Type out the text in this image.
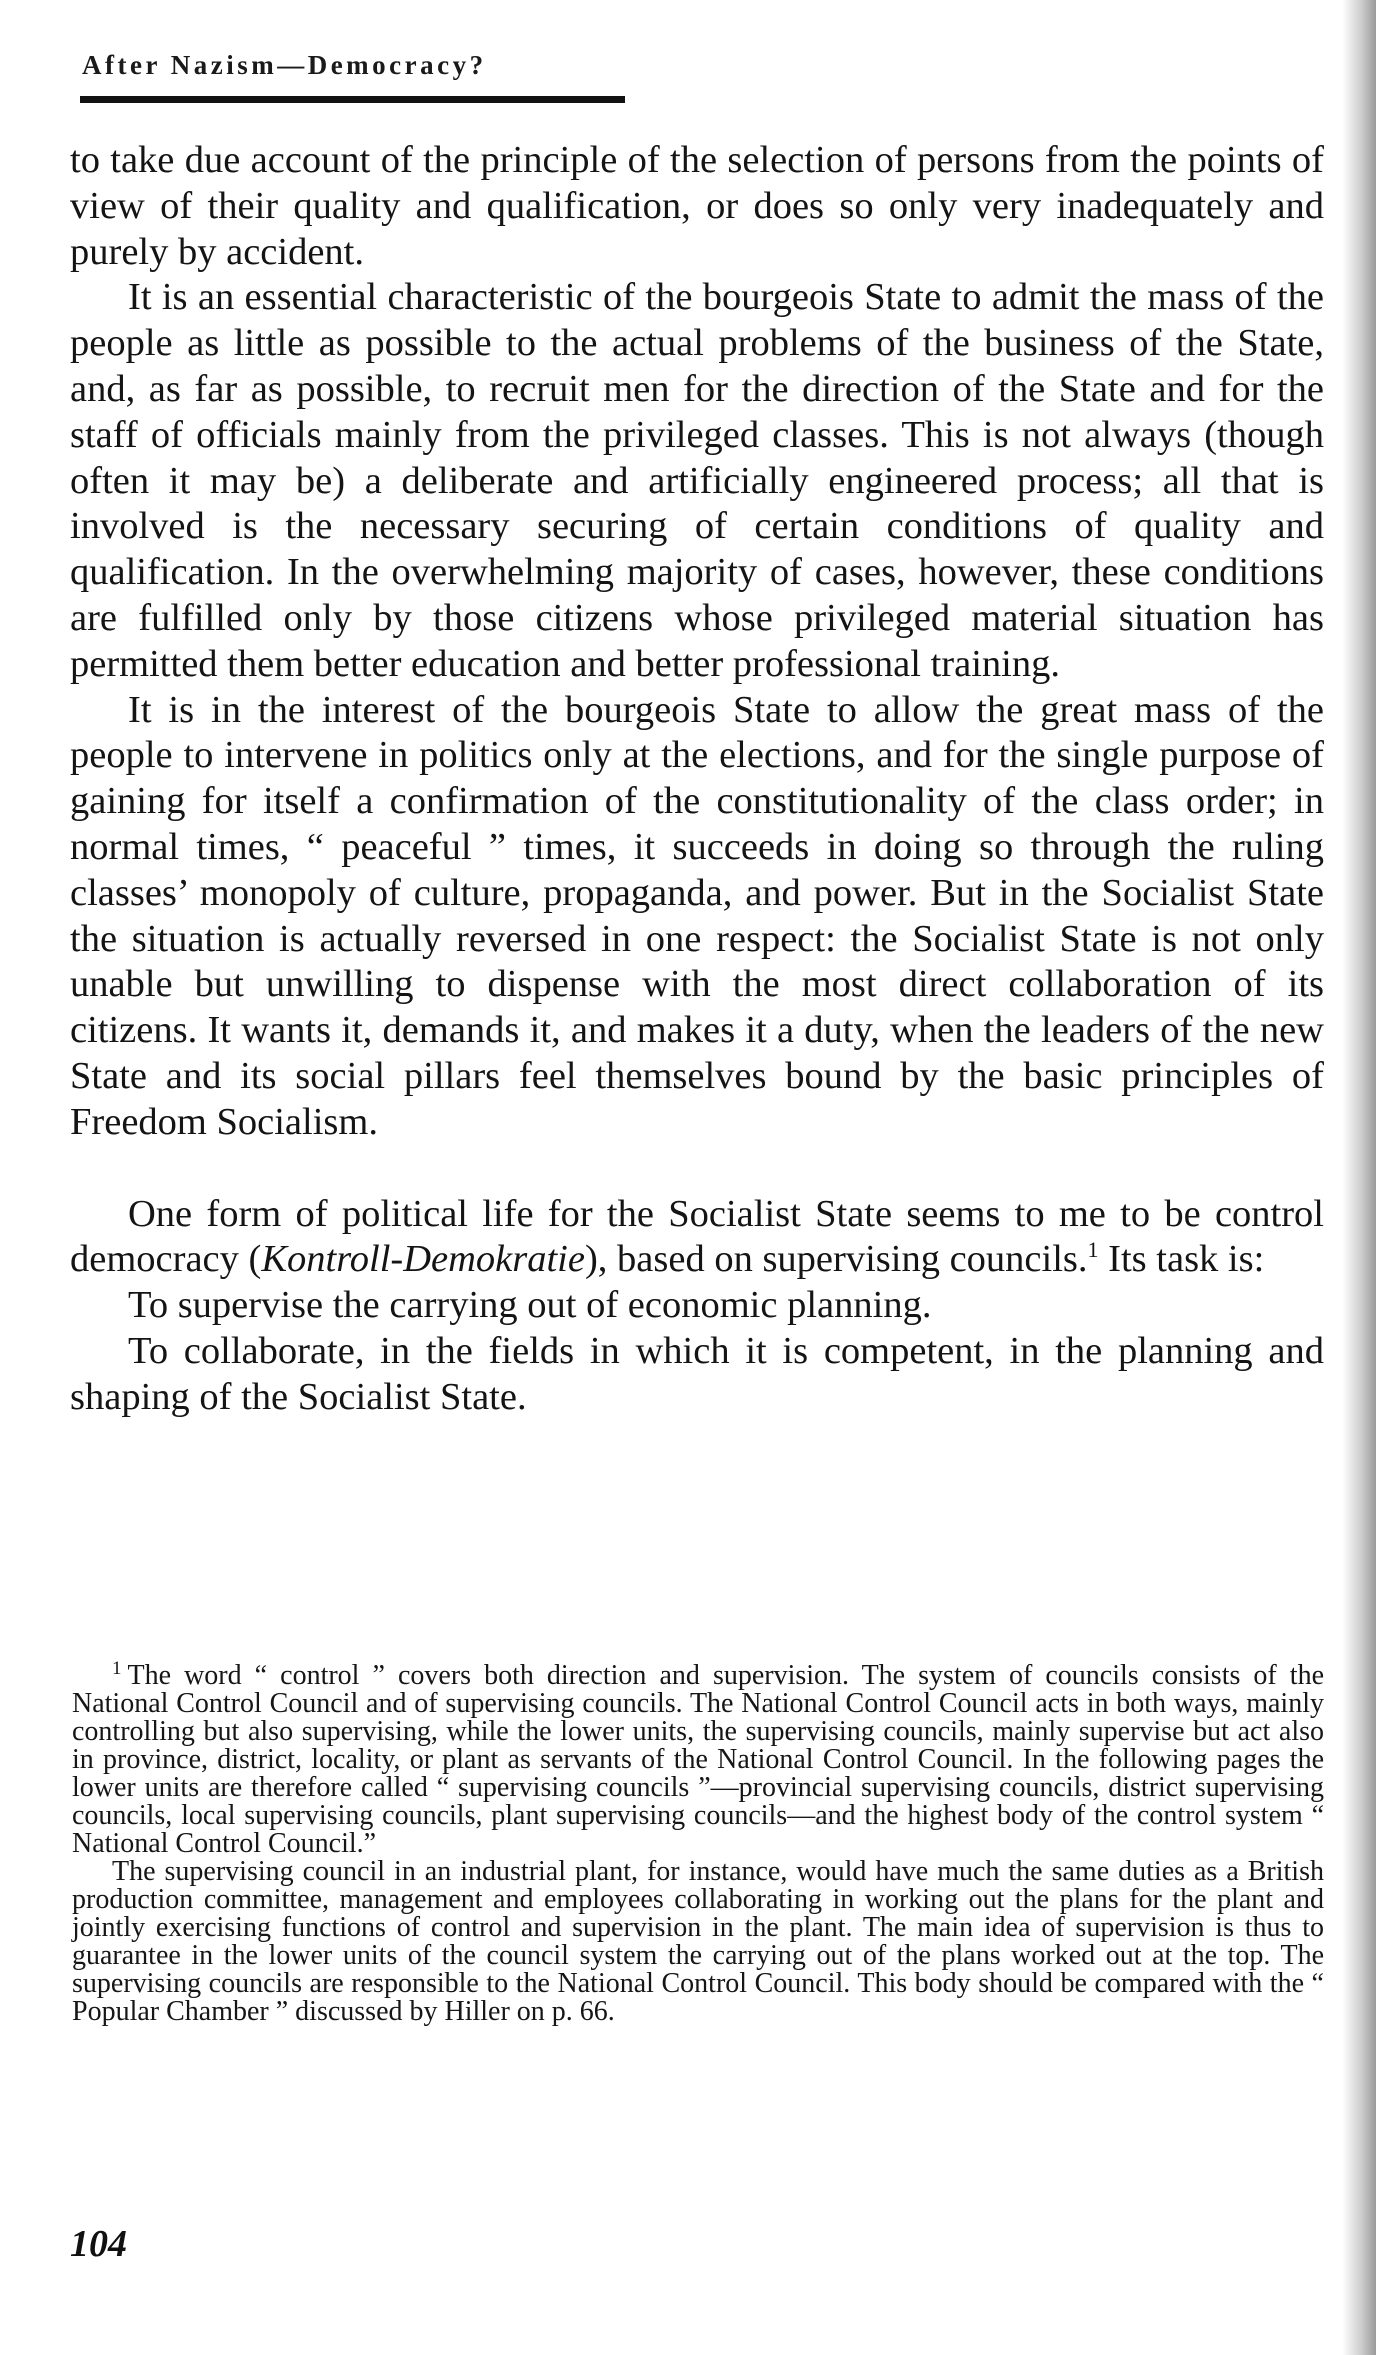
After Nazism—Democracy?

to take due account of the principle of the selection of persons from the points of view of their quality and qualification, or does so only very inadequately and purely by accident.

It is an essential characteristic of the bourgeois State to admit the mass of the people as little as possible to the actual problems of the business of the State, and, as far as possible, to recruit men for the direction of the State and for the staff of officials mainly from the privileged classes. This is not always (though often it may be) a deliberate and artificially engineered process; all that is involved is the necessary securing of certain conditions of quality and qualification. In the overwhelming majority of cases, however, these conditions are fulfilled only by those citizens whose privileged material situation has permitted them better education and better professional training.

It is in the interest of the bourgeois State to allow the great mass of the people to intervene in politics only at the elections, and for the single purpose of gaining for itself a confirmation of the constitutionality of the class order; in normal times, “ peaceful ” times, it succeeds in doing so through the ruling classes’ monopoly of culture, propaganda, and power. But in the Socialist State the situation is actually reversed in one respect: the Socialist State is not only unable but unwilling to dispense with the most direct collaboration of its citizens. It wants it, demands it, and makes it a duty, when the leaders of the new State and its social pillars feel themselves bound by the basic principles of Freedom Socialism.

One form of political life for the Socialist State seems to me to be control democracy (Kontroll-Demokratie), based on supervising councils.$^1$ Its task is:

To supervise the carrying out of economic planning.

To collaborate, in the fields in which it is competent, in the planning and shaping of the Socialist State.

$^1$ The word “ control ” covers both direction and supervision. The system of councils consists of the National Control Council and of supervising councils. The National Control Council acts in both ways, mainly controlling but also supervising, while the lower units, the supervising councils, mainly supervise but act also in province, district, locality, or plant as servants of the National Control Council. In the following pages the lower units are therefore called “ supervising councils ”—provincial supervising councils, district supervising councils, local supervising councils, plant supervising councils—and the highest body of the control system “ National Control Council.”

The supervising council in an industrial plant, for instance, would have much the same duties as a British production committee, management and employees collaborating in working out the plans for the plant and jointly exercising functions of control and supervision in the plant. The main idea of supervision is thus to guarantee in the lower units of the council system the carrying out of the plans worked out at the top. The supervising councils are responsible to the National Control Council. This body should be compared with the “ Popular Chamber ” discussed by Hiller on p. 66.

104
